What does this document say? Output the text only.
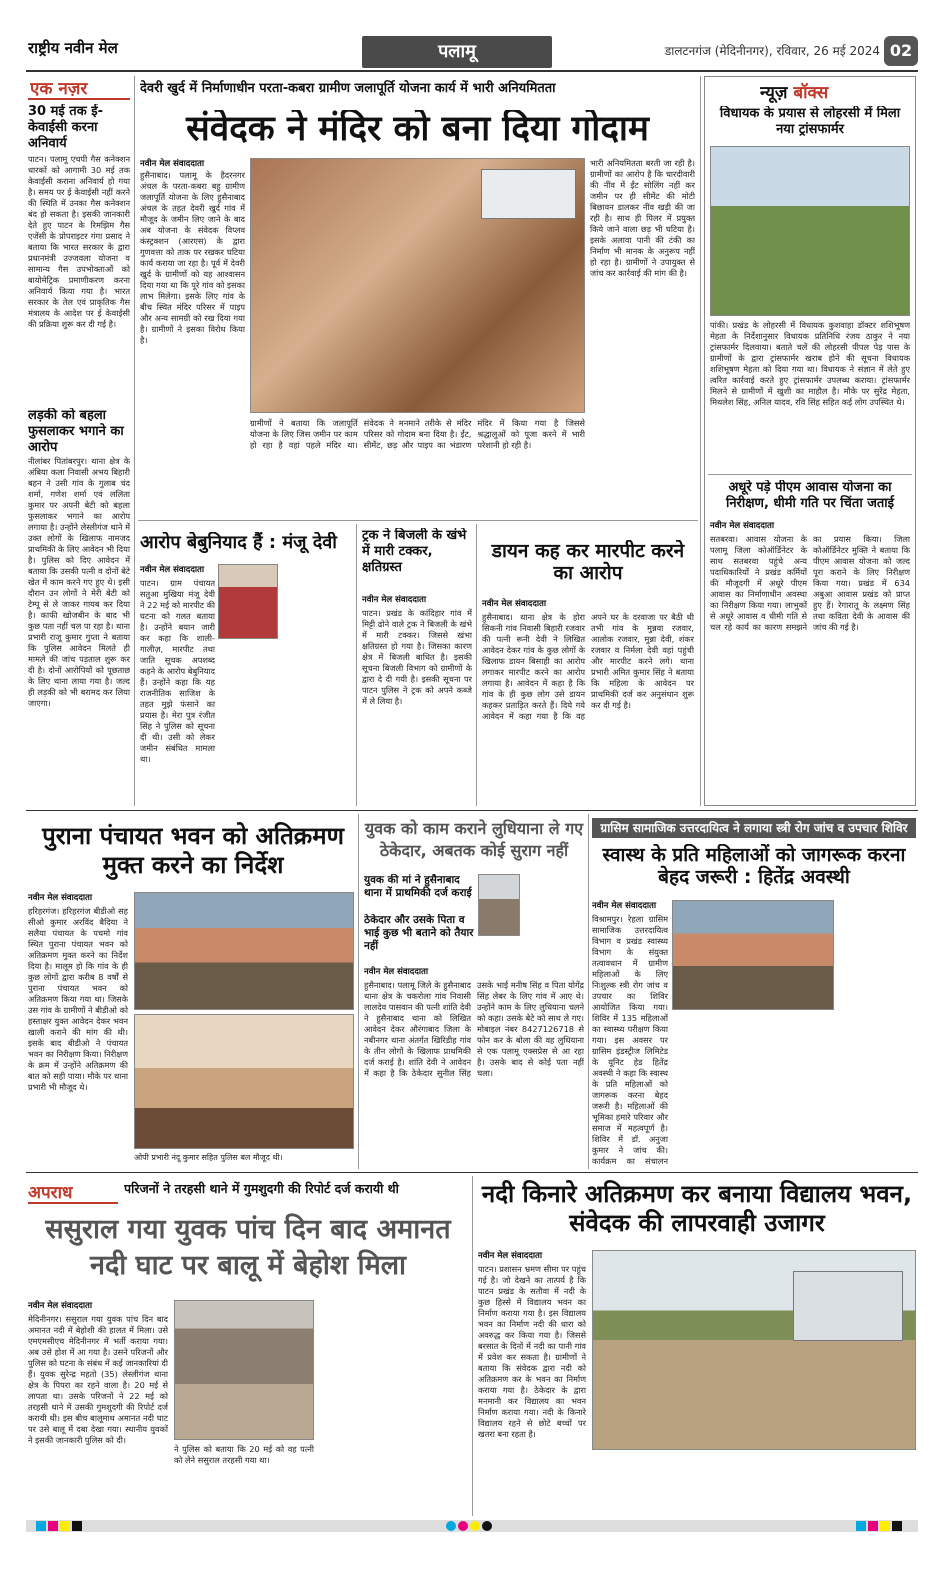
राष्ट्रीय नवीन मेल	पलामू	डालटनगंज (मेदिनीनगर), रविवार, 26 मई 2024 02
एक नज़र
30 मई तक ई- केवाईसी करना अनिवार्य
पाटन। पलामू एचपी गैस कनेक्शन धारकों को आगामी 30 मई तक केवाईसी कराना अनिवार्य हो गया है। समय पर ई केवाईसी नहीं करने की स्थिति में उनका गैस कनेक्शन बंद हो सकता है। इसकी जानकारी देते हुए पाटन के रिमझिम गैस एजेंसी के प्रोपराइटर गंगा प्रसाद ने बताया कि भारत सरकार के द्वारा प्रधानमंत्री उज्जवला योजना व सामान्य गैस उपभोक्ताओं को बायोमेट्रिक प्रमाणीकरण करना अनिवार्य किया गया है। भारत सरकार के तेल एवं प्राकृतिक गैस मंत्रालय के आदेश पर ई केवाईसी की प्रक्रिया शुरू कर दी गई है।
लड़की को बहला फुसलाकर भगाने का आरोप
नीलांबर पितांबरपुर। थाना क्षेत्र के अंबिया कला निवासी अभय बिहारी बहन ने उसी गांव के गुलाब चंद शर्मा, गणेश शर्मा एवं ललिता कुमार पर अपनी बेटी को बहला फुसलाकर भगाने का आरोप लगाया है। उन्होंने लेस्लीगंज थाने में उक्त लोगों के खिलाफ नामजद प्राथमिकी के लिए आवेदन भी दिया है। पुलिस को दिए आवेदन में बताया कि उसकी पत्नी व दोनों बेटे खेत में काम करने गए हुए थे। इसी दौरान उन लोगों ने मेरी बेटी को टेम्पू से ले जाकर गायब कर दिया है। काफी खोजबीन के बाद भी कुछ पता नहीं चल पा रहा है। थाना प्रभारी राजू कुमार गुप्ता ने बताया कि पुलिस आवेदन मिलते ही मामले की जांच पड़ताल शुरू कर दी है। दोनों आरोपियों को पूछताछ के लिए थाना लाया गया है। जल्द ही लड़की को भी बरामद कर लिया जाएगा।
देवरी खुर्द में निर्माणाधीन परता-कबरा ग्रामीण जलापूर्ति योजना कार्य में भारी अनियमितता
संवेदक ने मंदिर को बना दिया गोदाम
नवीन मेल संवाददाता
हुसैनाबाद। पलामू के हैदरनगर अंचल के परता-कबरा बहु ग्रामीण जलापूर्ति योजना के लिए हुसैनाबाद अंचल के तहत देवरी खुर्द गांव में मौजूद के जमीन लिए जाने के बाद अब योजना के संवेदक विप्लव कंस्ट्रक्शन (आरएस) के द्वारा गुणवत्ता को ताक पर रखकर घटिया कार्य कराया जा रहा है। पूर्व में देवरी खुर्द के ग्रामीणों को यह आश्वासन दिया गया था कि पूरे गांव को इसका लाभ मिलेगा। इसके लिए गांव के बीच स्थित मंदिर परिसर में पाइप और अन्य सामग्री को रख दिया गया है। ग्रामीणों ने इसका विरोध किया है।
ग्रामीणों ने बताया कि जलापूर्ति योजना के लिए जिस जमीन पर काम हो रहा है वहां पहले मंदिर था। संवेदक ने मनमाने तरीके से मंदिर परिसर को गोदाम बना दिया है। ईंट, सीमेंट, छड़ और पाइप का भंडारण मंदिर में किया गया है जिससे श्रद्धालुओं को पूजा करने में भारी परेशानी हो रही है।
भारी अनियमितता बरती जा रही है। ग्रामीणों का आरोप है कि चारदीवारी की नींव में ईंट सोलिंग नहीं कर जमीन पर ही सीमेंट की मोटी बिछावन डालकर नींव खड़ी की जा रही है। साथ ही पिलर में प्रयुक्त किये जाने वाला छड़ भी घटिया है। इसके अलावा पानी की टंकी का निर्माण भी मानक के अनुरूप नहीं हो रहा है। ग्रामीणों ने उपायुक्त से जांच कर कार्रवाई की मांग की है।
न्यूज़ बॉक्स
विधायक के प्रयास से लोहरसी में मिला नया ट्रांसफार्मर
पांकी। प्रखंड के लोहरसी में विधायक कुशवाहा डॉक्टर शशिभूषण मेहता के निर्देशानुसार विधायक प्रतिनिधि रंजय ठाकुर ने नया ट्रांसफार्मर दिलवाया। बताते चलें की लोहरसी पीपल पेड़ पास के ग्रामीणों के द्वारा ट्रांसफार्मर खराब होने की सूचना विधायक शशिभूषण मेहता को दिया गया था। विधायक ने संज्ञान में लेते हुए त्वरित कार्रवाई करते हुए ट्रांसफार्मर उपलब्ध कराया। ट्रांसफार्मर मिलने से ग्रामीणों में खुशी का माहौल है। मौके पर सुरेंद्र मेहता, मिथलेश सिंह, अनिल यादव, रवि सिंह सहित कई लोग उपस्थित थे।
अधूरे पड़े पीएम आवास योजना का निरीक्षण, धीमी गति पर चिंता जताई
नवीन मेल संवाददाता
सतबरवा। आवास योजना के पलामू जिला कोऑर्डिनेटर के साथ सतबरवा पहुंचे अन्य पदाधिकारियों ने प्रखंड कर्मियों की मौजूदगी में अधूरे पीएम आवास का निर्माणाधीन अवस्था का निरीक्षण किया गया। लाभुकों से अधूरे आवास व धीमी गति से चल रहे कार्य का कारण समझने का प्रयास किया। जिला कोऑर्डिनेटर मुक्ति ने बताया कि पीएम आवास योजना को जल्द पूरा कराने के लिए निरीक्षण किया गया। प्रखंड में 634 अबुआ आवास प्रखंड को प्राप्त हुए हैं। रेगारातू के लक्ष्मण सिंह तथा कविता देवी के आवास की जांच की गई है।
आरोप बेबुनियाद हैं : मंजू देवी
नवीन मेल संवाददाता
पाटन। ग्राम पंचायत सतुआ मुखिया मंजू देवी ने 22 मई को मारपीट की घटना को गलत बताया है। उन्होंने बयान जारी कर कहा कि शाली-गालीज़, मारपीट तथा जाति सूचक अपशब्द कहने के आरोप बेबुनियाद हैं। उन्होंने कहा कि यह राजनीतिक साजिश के तहत मुझे फंसाने का प्रयास है। मेरा पुत्र रंजीत सिंह ने पुलिस को सूचना दी थी। उसी को लेकर जमीन संबंधित मामला था।
ट्रक ने बिजली के खंभे में मारी टक्कर, क्षतिग्रस्त
नवीन मेल संवाददाता
पाटन। प्रखंड के कांदिहार गांव में मिट्टी ढोने वाले ट्रक ने बिजली के खंभे में मारी टक्कर। जिससे खंभा क्षतिग्रस्त हो गया है। जिसका कारण क्षेत्र में बिजली बाधित है। इसकी सूचना बिजली विभाग को ग्रामीणों के द्वारा दे दी गयी है। इसकी सूचना पर पाटन पुलिस ने ट्रक को अपने कब्जे में ले लिया है।
डायन कह कर मारपीट करने का आरोप
नवीन मेल संवाददाता
हुसैनाबाद। थाना क्षेत्र के होरा सिकनी गांव निवासी बिहारी रजवार की पत्नी रूनी देवी ने लिखित आवेदन देकर गांव के कुछ लोगों के खिलाफ डायन बिसाही का आरोप लगाकर मारपीट करने का आरोप लगाया है। आवेदन में कहा है कि गांव के ही कुछ लोग उसे डायन कहकर प्रताड़ित करते हैं। दिये गये आवेदन में कहा गया है कि वह अपने घर के दरवाजा पर बैठी थी तभी गांव के मुन्नवा रजवार, आलोक रजवार, मुन्ना देवी, शंकर रजवार व निर्मला देवी वहां पहुंची और मारपीट करने लगे। थाना प्रभारी अमित कुमार सिंह ने बताया कि महिला के आवेदन पर प्राथमिकी दर्ज कर अनुसंधान शुरू कर दी गई है।
पुराना पंचायत भवन को अतिक्रमण मुक्त करने का निर्देश
नवीन मेल संवाददाता
हरिहरगंज। हरिहरगंज बीडीओ सह सीओ कुमार अरविंद बैदिया ने सलैया पंचायत के पचमो गांव स्थित पुराना पंचायत भवन को अतिक्रमण मुक्त करने का निर्देश दिया है। मालूम हो कि गांव के ही कुछ लोगों द्वारा करीब 8 वर्षों से पुराना पंचायत भवन को अतिक्रमण किया गया था। जिसके उस गांव के ग्रामीणों ने बीडीओ को हस्ताक्षर युक्त आवेदन देकर भवन खाली कराने की मांग की थी। इसके बाद बीडीओ ने पंचायत भवन का निरीक्षण किया। निरीक्षण के क्रम में उन्होंने अतिक्रमण की बात को सही पाया। मौके पर थाना प्रभारी भी मौजूद थे।
ओपी प्रभारी नंदू कुमार सहित पुलिस बल मौजूद थी।
युवक को काम कराने लुधियाना ले गए ठेकेदार, अबतक कोई सुराग नहीं
युवक की मां ने हुसैनाबाद थाना में प्राथमिकी दर्ज कराई
ठेकेदार और उसके पिता व भाई कुछ भी बताने को तैयार नहीं
नवीन मेल संवाददाता
हुसैनाबाद। पलामू जिले के हुसैनाबाद थाना क्षेत्र के चकरोला गांव निवासी लालदेव पासवान की पत्नी शांति देवी ने हुसैनाबाद थाना को लिखित आवेदन देकर औरंगाबाद जिला के नबीनगर थाना अंतर्गत खिरिडीह गांव के तीन लोगों के खिलाफ प्राथमिकी दर्ज कराई है। शांति देवी ने आवेदन में कहा है कि ठेकेदार सुनील सिंह उसके भाई मनीष सिंह व पिता योगेंद्र सिंह लेबर के लिए गांव में आए थे। उन्होंने काम के लिए लुधियाना चलने को कहा। उसके बेटे को साथ ले गए। मोबाइल नंबर 8427126718 से फोन कर के बोला की वह लुधियाना से एक पलामू एक्सप्रेस से आ रहा है। उसके बाद से कोई पता नहीं चला।
ग्रासिम सामाजिक उत्तरदायित्व ने लगाया स्त्री रोग जांच व उपचार शिविर
स्वास्थ के प्रति महिलाओं को जागरूक करना बेहद जरूरी : हितेंद्र अवस्थी
नवीन मेल संवाददाता
विश्रामपुर। रेहला ग्रासिम सामाजिक उत्तरदायित्व विभाग व प्रखंड स्वास्थ्य विभाग के संयुक्त तत्वावधान में ग्रामीण महिलाओं के लिए निःशुल्क स्त्री रोग जांच व उपचार का शिविर आयोजित किया गया। शिविर में 135 महिलाओं का स्वास्थ्य परीक्षण किया गया। इस अवसर पर ग्रासिम इंडस्ट्रीज लिमिटेड के यूनिट हेड हितेंद्र अवस्थी ने कहा कि स्वास्थ के प्रति महिलाओं को जागरूक करना बेहद जरूरी है। महिलाओं की भूमिका हमारे परिवार और समाज में महत्वपूर्ण है। शिविर में डॉ. अनुजा कुमार ने जांच की। कार्यक्रम का संचालन
अपराध	परिजनों ने तरहसी थाने में गुमशुदगी की रिपोर्ट दर्ज करायी थी
ससुराल गया युवक पांच दिन बाद अमानत नदी घाट पर बालू में बेहोश मिला
नवीन मेल संवाददाता
मेदिनीनगर। ससुराल गया युवक पांच दिन बाद अमानत नदी में बेहोशी की हालत में मिला। उसे एमएमसीएच मेदिनीनगर में भर्ती कराया गया। अब उसे होश में आ गया है। उसने परिजनों और पुलिस को घटना के संबंध में कई जानकारियां दी हैं। युवक सुरेन्द्र महतो (35) लेस्लीगंज थाना क्षेत्र के पिपरा का रहने वाला है। 20 मई से लापता था। उसके परिजनों ने 22 मई को तरहसी थाने में उसकी गुमशुदगी की रिपोर्ट दर्ज करायी थी। इस बीच बालूमाथ अमानत नदी घाट पर उसे बालू में दबा देखा गया। स्थानीय युवकों ने इसकी जानकारी पुलिस को दी।
ने पुलिस को बताया कि 20 मई को वह पत्नी को लेने ससुराल तरहसी गया था।
नदी किनारे अतिक्रमण कर बनाया विद्यालय भवन, संवेदक की लापरवाही उजागर
नवीन मेल संवाददाता
पाटन। प्रशासन भ्रमण सीमा पर पहुंच गई है। जो देखने का तात्पर्य है कि पाटन प्रखंड के सतौवा में नदी के कुछ हिस्से में विद्यालय भवन का निर्माण कराया गया है। इस विद्यालय भवन का निर्माण नदी की धारा को अवरुद्ध कर किया गया है। जिससे बरसात के दिनों में नदी का पानी गांव में प्रवेश कर सकता है। ग्रामीणों ने बताया कि संवेदक द्वारा नदी को अतिक्रमण कर के भवन का निर्माण कराया गया है। ठेकेदार के द्वारा मनमानी कर विद्यालय का भवन निर्माण कराया गया। नदी के किनारे विद्यालय रहने से छोटे बच्चों पर खतरा बना रहता है।
